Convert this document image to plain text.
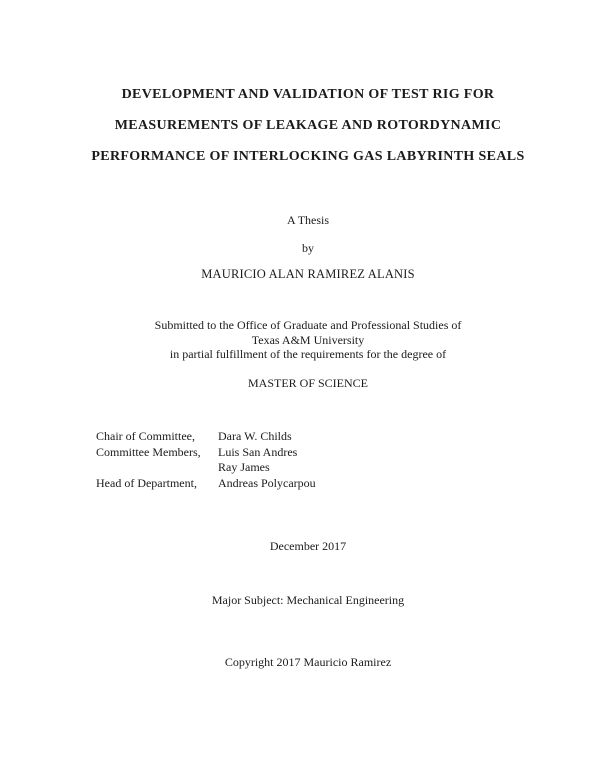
DEVELOPMENT AND VALIDATION OF TEST RIG FOR
MEASUREMENTS OF LEAKAGE AND ROTORDYNAMIC
PERFORMANCE OF INTERLOCKING GAS LABYRINTH SEALS
A Thesis
by
MAURICIO ALAN RAMIREZ ALANIS
Submitted to the Office of Graduate and Professional Studies of
Texas A&M University
in partial fulfillment of the requirements for the degree of
MASTER OF SCIENCE
Chair of Committee,	Dara W. Childs
Committee Members,	Luis San Andres
Ray James
Head of Department,	Andreas Polycarpou
December 2017
Major Subject: Mechanical Engineering
Copyright 2017 Mauricio Ramirez
